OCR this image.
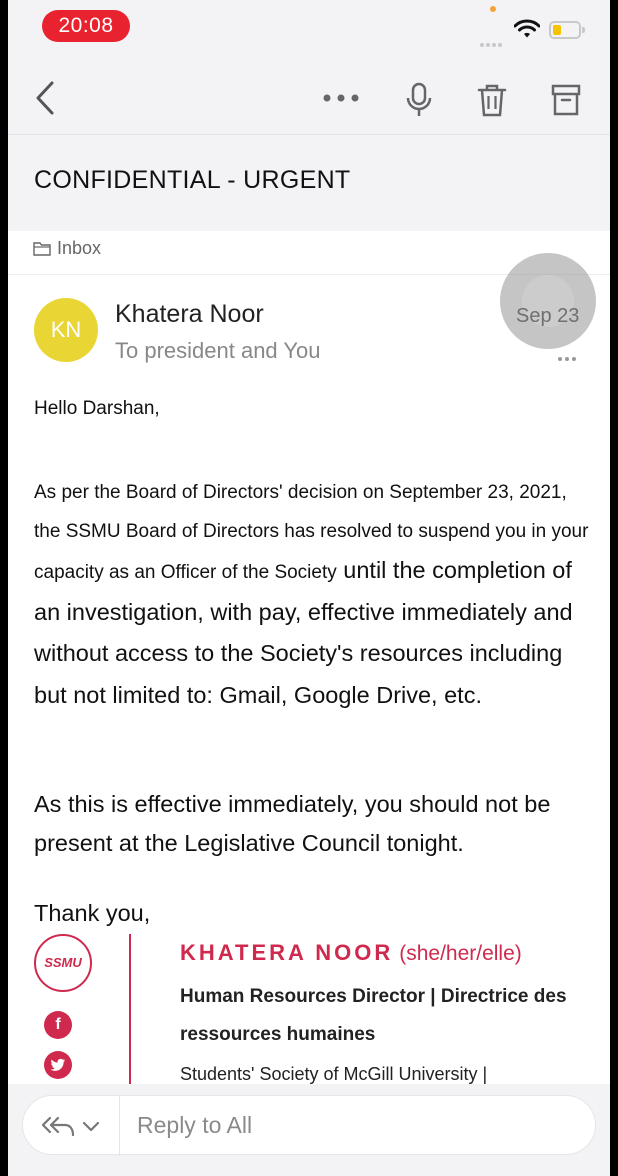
20:08
CONFIDENTIAL - URGENT
Inbox
KN
Khatera Noor
To president and You
Sep 23
Hello Darshan,
As per the Board of Directors' decision on September 23, 2021, the SSMU Board of Directors has resolved to suspend you in your capacity as an Officer of the Society until the completion of an investigation, with pay, effective immediately and without access to the Society's resources including but not limited to: Gmail, Google Drive, etc.
As this is effective immediately, you should not be present at the Legislative Council tonight.
Thank you,
SSMU
f
KHATERA NOOR (she/her/elle)
Human Resources Director | Directrice des ressources humaines
Students' Society of McGill University |
Reply to All
